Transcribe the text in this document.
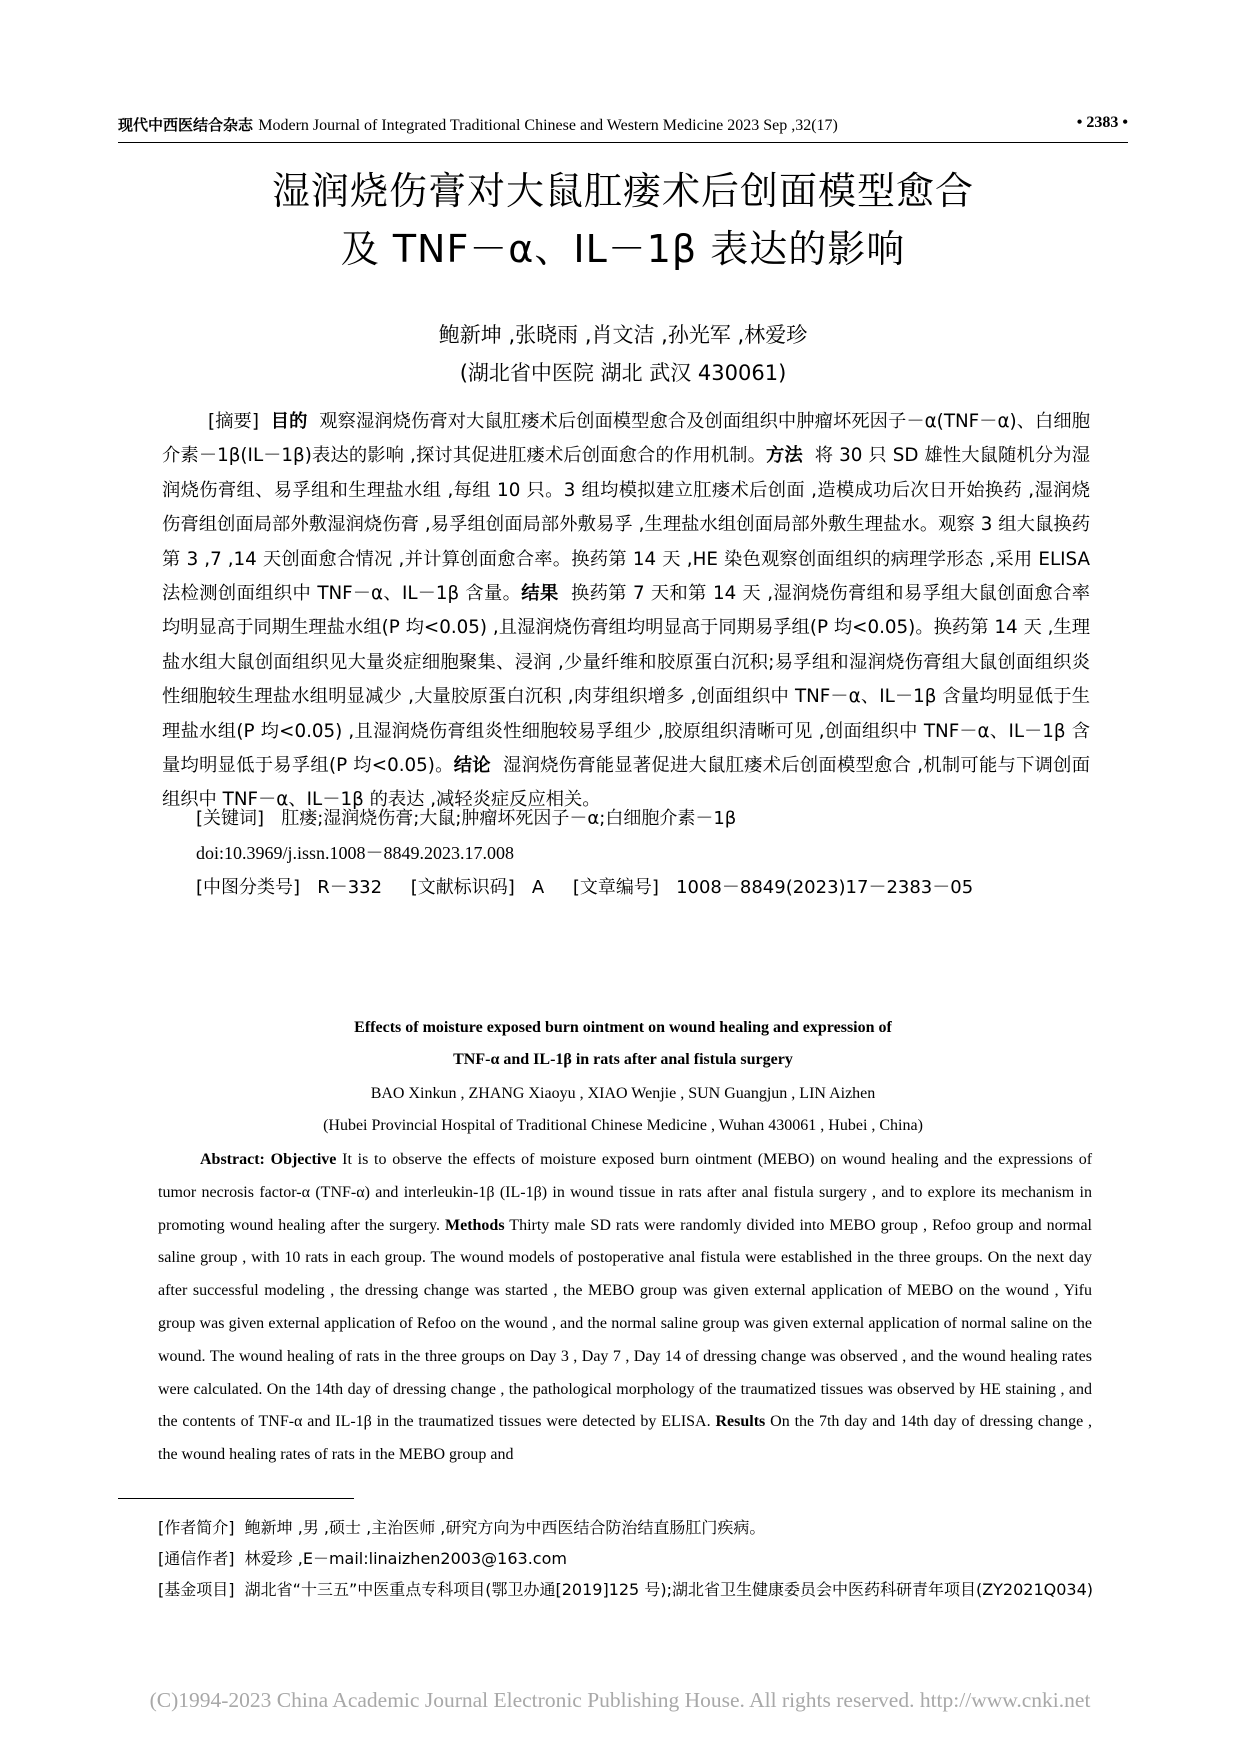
现代中西医结合杂志 Modern Journal of Integrated Traditional Chinese and Western Medicine 2023 Sep ,32(17)	• 2383 •
湿润烧伤膏对大鼠肛瘘术后创面模型愈合
及 TNF－α、IL－1β 表达的影响
鲍新坤 ,张晓雨 ,肖文洁 ,孙光军 ,林爱珍
(湖北省中医院 湖北 武汉 430061)

[摘要] 目的 观察湿润烧伤膏对大鼠肛瘘术后创面模型愈合及创面组织中肿瘤坏死因子－α(TNF－α)、白细胞介素－1β(IL－1β)表达的影响 ,探讨其促进肛瘘术后创面愈合的作用机制。方法 将 30 只 SD 雄性大鼠随机分为湿润烧伤膏组、易孚组和生理盐水组 ,每组 10 只。3 组均模拟建立肛瘘术后创面 ,造模成功后次日开始换药 ,湿润烧伤膏组创面局部外敷湿润烧伤膏 ,易孚组创面局部外敷易孚 ,生理盐水组创面局部外敷生理盐水。观察 3 组大鼠换药第 3 ,7 ,14 天创面愈合情况 ,并计算创面愈合率。换药第 14 天 ,HE 染色观察创面组织的病理学形态 ,采用 ELISA 法检测创面组织中 TNF－α、IL－1β 含量。结果 换药第 7 天和第 14 天 ,湿润烧伤膏组和易孚组大鼠创面愈合率均明显高于同期生理盐水组(P 均<0.05) ,且湿润烧伤膏组均明显高于同期易孚组(P 均<0.05)。换药第 14 天 ,生理盐水组大鼠创面组织见大量炎症细胞聚集、浸润 ,少量纤维和胶原蛋白沉积;易孚组和湿润烧伤膏组大鼠创面组织炎性细胞较生理盐水组明显减少 ,大量胶原蛋白沉积 ,肉芽组织增多 ,创面组织中 TNF－α、IL－1β 含量均明显低于生理盐水组(P 均<0.05) ,且湿润烧伤膏组炎性细胞较易孚组少 ,胶原组织清晰可见 ,创面组织中 TNF－α、IL－1β 含量均明显低于易孚组(P 均<0.05)。结论 湿润烧伤膏能显著促进大鼠肛瘘术后创面模型愈合 ,机制可能与下调创面组织中 TNF－α、IL－1β 的表达 ,减轻炎症反应相关。

[关键词] 肛瘘;湿润烧伤膏;大鼠;肿瘤坏死因子－α;白细胞介素－1β
doi:10.3969/j.issn.1008－8849.2023.17.008
[中图分类号] R－332 [文献标识码] A [文章编号] 1008－8849(2023)17－2383－05
Effects of moisture exposed burn ointment on wound healing and expression of
TNF-α and IL-1β in rats after anal fistula surgery
BAO Xinkun , ZHANG Xiaoyu , XIAO Wenjie , SUN Guangjun , LIN Aizhen
(Hubei Provincial Hospital of Traditional Chinese Medicine , Wuhan 430061 , Hubei , China)

Abstract: Objective It is to observe the effects of moisture exposed burn ointment (MEBO) on wound healing and the expressions of tumor necrosis factor-α (TNF-α) and interleukin-1β (IL-1β) in wound tissue in rats after anal fistula surgery , and to explore its mechanism in promoting wound healing after the surgery. Methods Thirty male SD rats were randomly divided into MEBO group , Refoo group and normal saline group , with 10 rats in each group. The wound models of postoperative anal fistula were established in the three groups. On the next day after successful modeling , the dressing change was started , the MEBO group was given external application of MEBO on the wound , Yifu group was given external application of Refoo on the wound , and the normal saline group was given external application of normal saline on the wound. The wound healing of rats in the three groups on Day 3 , Day 7 , Day 14 of dressing change was observed , and the wound healing rates were calculated. On the 14th day of dressing change , the pathological morphology of the traumatized tissues was observed by HE staining , and the contents of TNF-α and IL-1β in the traumatized tissues were detected by ELISA. Results On the 7th day and 14th day of dressing change , the wound healing rates of rats in the MEBO group and

[作者简介] 鲍新坤 ,男 ,硕士 ,主治医师 ,研究方向为中西医结合防治结直肠肛门疾病。

[通信作者] 林爱珍 ,E－mail:linaizhen2003@163.com

[基金项目] 湖北省“十三五”中医重点专科项目(鄂卫办通[2019]125 号);湖北省卫生健康委员会中医药科研青年项目(ZY2021Q034)

(C)1994-2023 China Academic Journal Electronic Publishing House. All rights reserved. http://www.cnki.net
